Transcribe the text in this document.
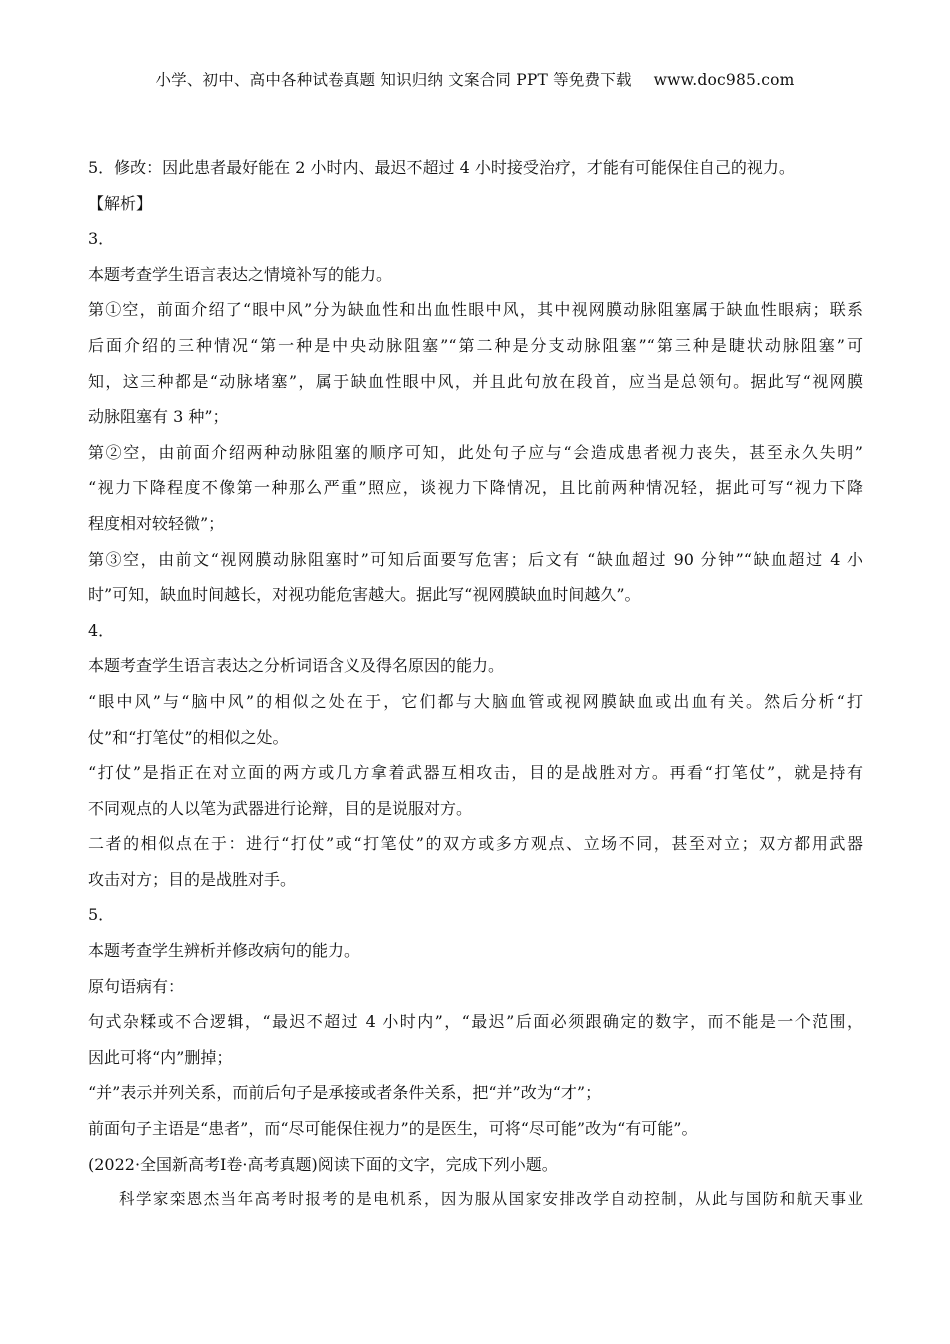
小学、初中、高中各种试卷真题 知识归纳 文案合同 PPT 等免费下载 www.doc985.com
5．修改：因此患者最好能在 2 小时内、最迟不超过 4 小时接受治疗，才能有可能保住自己的视力。
【解析】
3．
本题考查学生语言表达之情境补写的能力。
第①空，前面介绍了“眼中风”分为缺血性和出血性眼中风，其中视网膜动脉阻塞属于缺血性眼病；联系
后面介绍的三种情况“第一种是中央动脉阻塞”“第二种是分支动脉阻塞”“第三种是睫状动脉阻塞”可
知，这三种都是“动脉堵塞”，属于缺血性眼中风，并且此句放在段首，应当是总领句。据此写“视网膜
动脉阻塞有 3 种”；
第②空，由前面介绍两种动脉阻塞的顺序可知，此处句子应与“会造成患者视力丧失，甚至永久失明”
“视力下降程度不像第一种那么严重”照应，谈视力下降情况，且比前两种情况轻，据此可写“视力下降
程度相对较轻微”；
第③空，由前文“视网膜动脉阻塞时”可知后面要写危害；后文有 “缺血超过 90 分钟”“缺血超过 4 小
时”可知，缺血时间越长，对视功能危害越大。据此写“视网膜缺血时间越久”。
4．
本题考查学生语言表达之分析词语含义及得名原因的能力。
“眼中风”与“脑中风”的相似之处在于，它们都与大脑血管或视网膜缺血或出血有关。然后分析“打
仗”和“打笔仗”的相似之处。
“打仗”是指正在对立面的两方或几方拿着武器互相攻击，目的是战胜对方。再看“打笔仗”，就是持有
不同观点的人以笔为武器进行论辩，目的是说服对方。
二者的相似点在于：进行“打仗”或“打笔仗”的双方或多方观点、立场不同，甚至对立；双方都用武器
攻击对方；目的是战胜对手。
5．
本题考查学生辨析并修改病句的能力。
原句语病有：
句式杂糅或不合逻辑，“最迟不超过 4 小时内”，“最迟”后面必须跟确定的数字，而不能是一个范围，
因此可将“内”删掉；
“并”表示并列关系，而前后句子是承接或者条件关系，把“并”改为“才”；
前面句子主语是“患者”，而“尽可能保住视力”的是医生，可将“尽可能”改为“有可能”。
(2022·全国新高考Ⅰ卷·高考真题)阅读下面的文字，完成下列小题。
科学家栾恩杰当年高考时报考的是电机系，因为服从国家安排改学自动控制，从此与国防和航天事业
